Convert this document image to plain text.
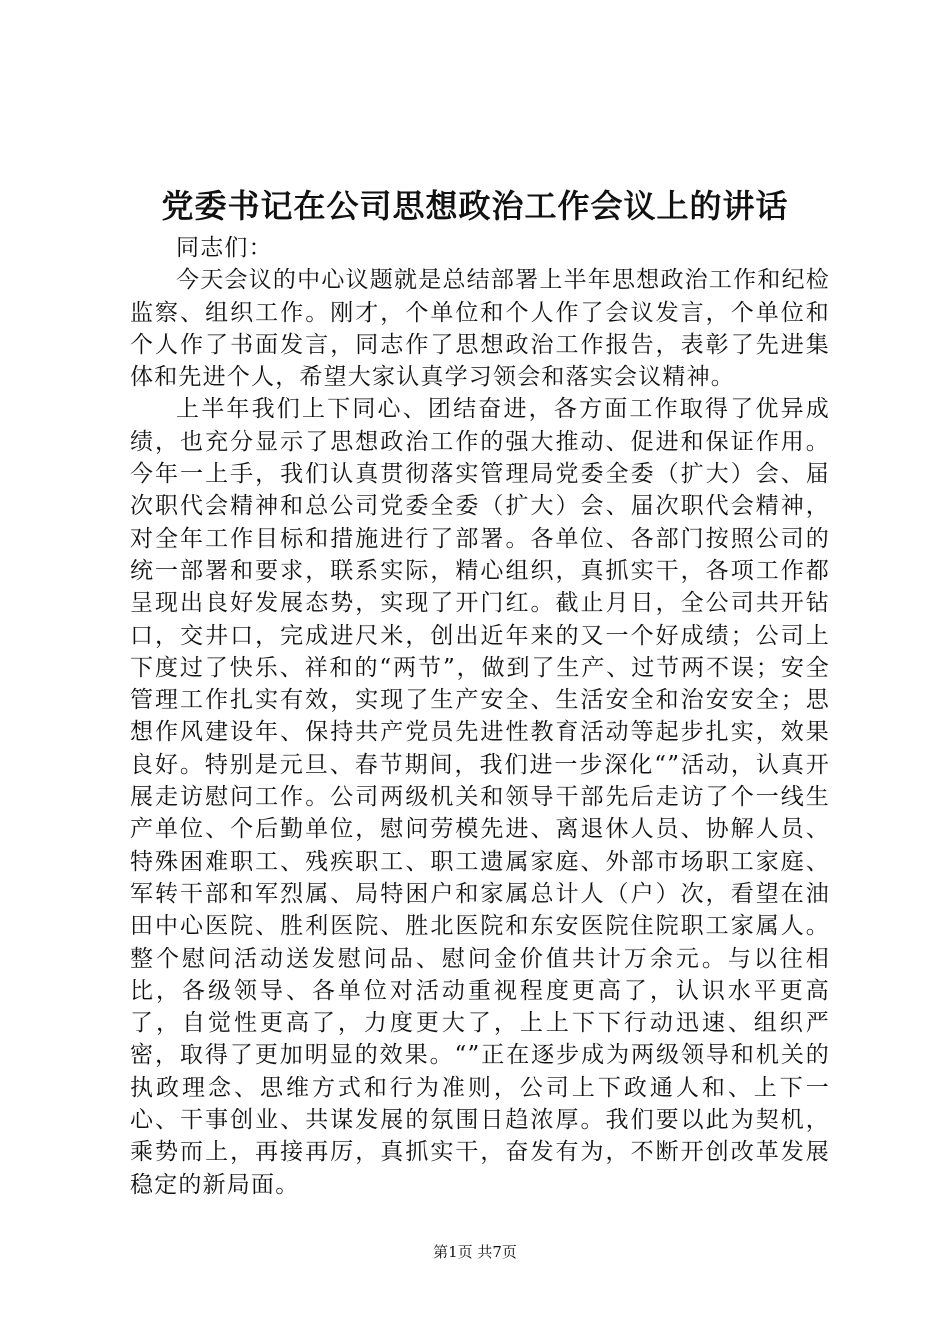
党委书记在公司思想政治工作会议上的讲话

同志们：

今天会议的中心议题就是总结部署上半年思想政治工作和纪检监察、组织工作。刚才，个单位和个人作了会议发言，个单位和个人作了书面发言，同志作了思想政治工作报告，表彰了先进集体和先进个人，希望大家认真学习领会和落实会议精神。

上半年我们上下同心、团结奋进，各方面工作取得了优异成绩，也充分显示了思想政治工作的强大推动、促进和保证作用。今年一上手，我们认真贯彻落实管理局党委全委（扩大）会、届次职代会精神和总公司党委全委（扩大）会、届次职代会精神，对全年工作目标和措施进行了部署。各单位、各部门按照公司的统一部署和要求，联系实际，精心组织，真抓实干，各项工作都呈现出良好发展态势，实现了开门红。截止月日，全公司共开钻口，交井口，完成进尺米，创出近年来的又一个好成绩；公司上下度过了快乐、祥和的“两节”，做到了生产、过节两不误；安全管理工作扎实有效，实现了生产安全、生活安全和治安安全；思想作风建设年、保持共产党员先进性教育活动等起步扎实，效果良好。特别是元旦、春节期间，我们进一步深化“”活动，认真开展走访慰问工作。公司两级机关和领导干部先后走访了个一线生产单位、个后勤单位，慰问劳模先进、离退休人员、协解人员、特殊困难职工、残疾职工、职工遗属家庭、外部市场职工家庭、军转干部和军烈属、局特困户和家属总计人（户）次，看望在油田中心医院、胜利医院、胜北医院和东安医院住院职工家属人。整个慰问活动送发慰问品、慰问金价值共计万余元。与以往相比，各级领导、各单位对活动重视程度更高了，认识水平更高了，自觉性更高了，力度更大了，上上下下行动迅速、组织严密，取得了更加明显的效果。“”正在逐步成为两级领导和机关的执政理念、思维方式和行为准则，公司上下政通人和、上下一心、干事创业、共谋发展的氛围日趋浓厚。我们要以此为契机，乘势而上，再接再厉，真抓实干，奋发有为，不断开创改革发展稳定的新局面。

第1页 共7页
